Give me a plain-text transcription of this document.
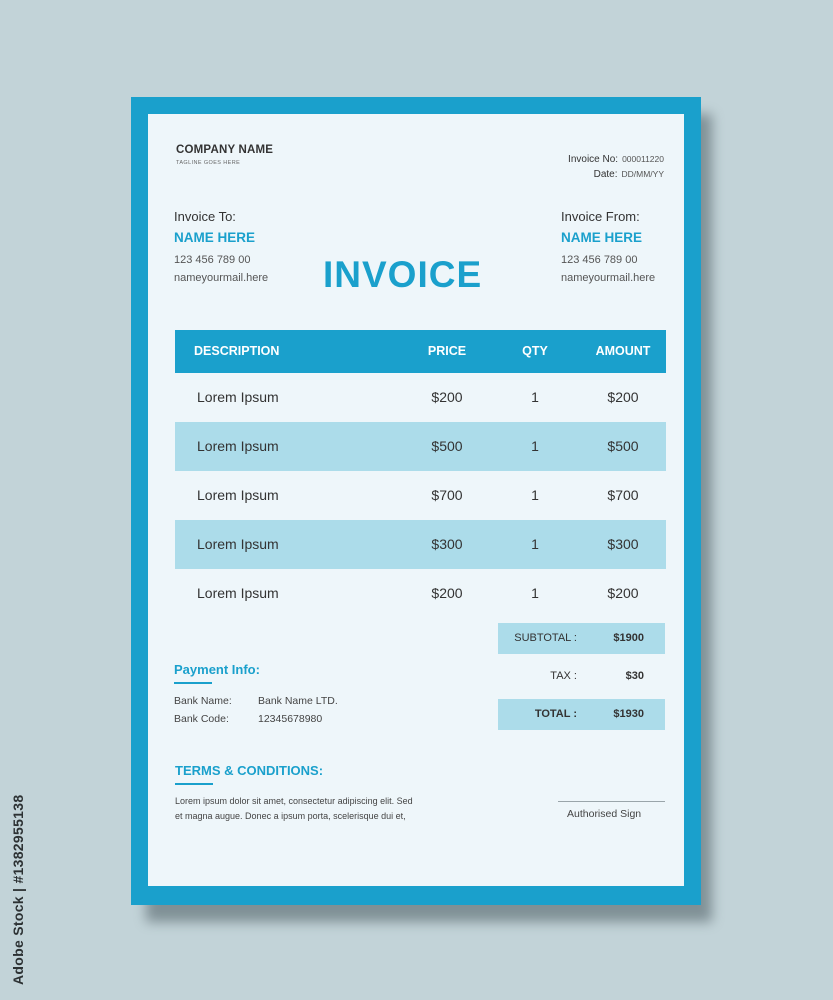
COMPANY NAME
TAGLINE GOES HERE	Invoice No: 000011220
Date: DD/MM/YY
Invoice To:
NAME HERE
123 456 789 00
nameyourmail.here INVOICE
Invoice From:
NAME HERE
123 456 789 00
nameyourmail.here
DESCRIPTION	PRICE	QTY	AMOUNT
Lorem Ipsum	$200	1	$200
Lorem Ipsum	$500	1	$500
Lorem Ipsum	$700	1	$700
Lorem Ipsum	$300	1	$300
Lorem Ipsum	$200	1	$200
SUBTOTAL :	$1900
TAX :	$30
TOTAL :	$1930
Payment Info:
Bank Name: Bank Name LTD.
Bank Code:	12345678980
TERMS & CONDITIONS:
Lorem ipsum dolor sit amet, consectetur adipiscing elit. Sed et magna augue. Donec a ipsum porta, scelerisque dui et,	Authorised Sign
Adobe Stock | #1382955138
